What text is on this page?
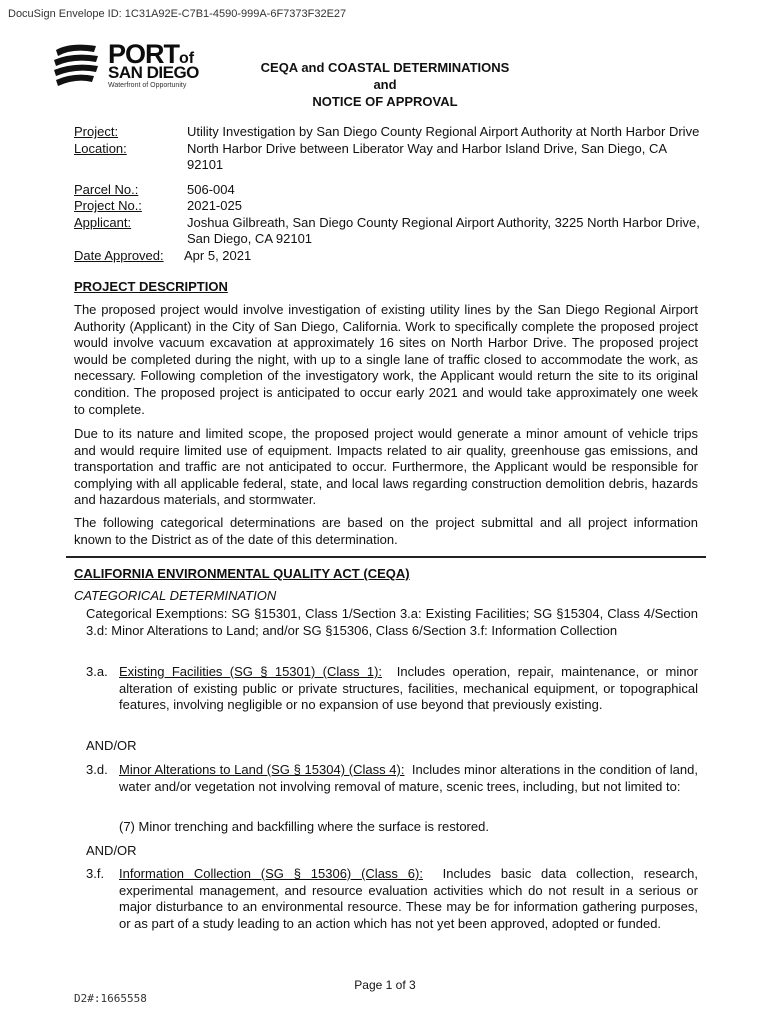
DocuSign Envelope ID: 1C31A92E-C7B1-4590-999A-6F7373F32E27
PORTof
SAN DIEGO
Waterfront of Opportunity
CEQA and COASTAL DETERMINATIONS
and
NOTICE OF APPROVAL
Project:	Utility Investigation by San Diego County Regional Airport Authority at North Harbor Drive
Location:	North Harbor Drive between Liberator Way and Harbor Island Drive, San Diego, CA 92101
Parcel No.:	506-004
Project No.:	2021-025
Applicant:	Joshua Gilbreath, San Diego County Regional Airport Authority, 3225 North Harbor Drive, San Diego, CA 92101
Date Approved: Apr 5, 2021
PROJECT DESCRIPTION
The proposed project would involve investigation of existing utility lines by the San Diego Regional Airport Authority (Applicant) in the City of San Diego, California. Work to specifically complete the proposed project would involve vacuum excavation at approximately 16 sites on North Harbor Drive. The proposed project would be completed during the night, with up to a single lane of traffic closed to accommodate the work, as necessary. Following completion of the investigatory work, the Applicant would return the site to its original condition. The proposed project is anticipated to occur early 2021 and would take approximately one week to complete.
Due to its nature and limited scope, the proposed project would generate a minor amount of vehicle trips and would require limited use of equipment. Impacts related to air quality, greenhouse gas emissions, and transportation and traffic are not anticipated to occur. Furthermore, the Applicant would be responsible for complying with all applicable federal, state, and local laws regarding construction demolition debris, hazards and hazardous materials, and stormwater.
The following categorical determinations are based on the project submittal and all project information known to the District as of the date of this determination.
CALIFORNIA ENVIRONMENTAL QUALITY ACT (CEQA)
CATEGORICAL DETERMINATION
Categorical Exemptions: SG §15301, Class 1/Section 3.a: Existing Facilities; SG §15304, Class 4/Section 3.d: Minor Alterations to Land; and/or SG §15306, Class 6/Section 3.f: Information Collection
3.a. Existing Facilities (SG § 15301) (Class 1): Includes operation, repair, maintenance, or minor alteration of existing public or private structures, facilities, mechanical equipment, or topographical features, involving negligible or no expansion of use beyond that previously existing.
AND/OR
3.d. Minor Alterations to Land (SG § 15304) (Class 4): Includes minor alterations in the condition of land, water and/or vegetation not involving removal of mature, scenic trees, including, but not limited to:
(7) Minor trenching and backfilling where the surface is restored.
AND/OR
3.f. Information Collection (SG § 15306) (Class 6): Includes basic data collection, research, experimental management, and resource evaluation activities which do not result in a serious or major disturbance to an environmental resource. These may be for information gathering purposes, or as part of a study leading to an action which has not yet been approved, adopted or funded.
Page 1 of 3
D2#:1665558
